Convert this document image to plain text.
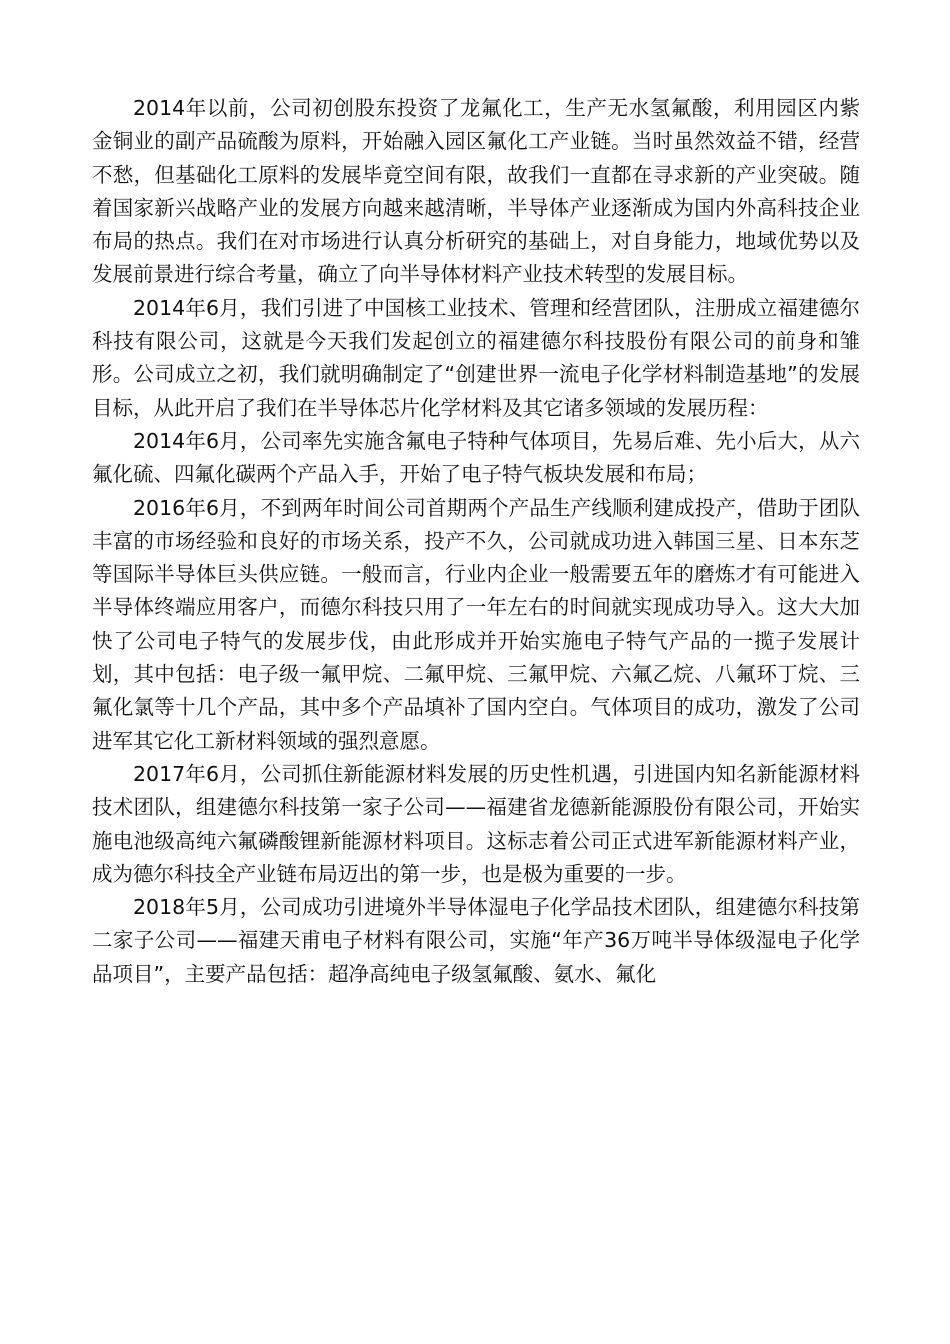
2014年以前，公司初创股东投资了龙氟化工，生产无水氢氟酸，利用园区内紫金铜业的副产品硫酸为原料，开始融入园区氟化工产业链。当时虽然效益不错，经营不愁，但基础化工原料的发展毕竟空间有限，故我们一直都在寻求新的产业突破。随着国家新兴战略产业的发展方向越来越清晰，半导体产业逐渐成为国内外高科技企业布局的热点。我们在对市场进行认真分析研究的基础上，对自身能力，地域优势以及发展前景进行综合考量，确立了向半导体材料产业技术转型的发展目标。

2014年6月，我们引进了中国核工业技术、管理和经营团队，注册成立福建德尔科技有限公司，这就是今天我们发起创立的福建德尔科技股份有限公司的前身和雏形。公司成立之初，我们就明确制定了“创建世界一流电子化学材料制造基地”的发展目标，从此开启了我们在半导体芯片化学材料及其它诸多领域的发展历程：

2014年6月，公司率先实施含氟电子特种气体项目，先易后难、先小后大，从六氟化硫、四氟化碳两个产品入手，开始了电子特气板块发展和布局；

2016年6月，不到两年时间公司首期两个产品生产线顺利建成投产，借助于团队丰富的市场经验和良好的市场关系，投产不久，公司就成功进入韩国三星、日本东芝等国际半导体巨头供应链。一般而言，行业内企业一般需要五年的磨炼才有可能进入半导体终端应用客户，而德尔科技只用了一年左右的时间就实现成功导入。这大大加快了公司电子特气的发展步伐，由此形成并开始实施电子特气产品的一揽子发展计划，其中包括：电子级一氟甲烷、二氟甲烷、三氟甲烷、六氟乙烷、八氟环丁烷、三氟化氯等十几个产品，其中多个产品填补了国内空白。气体项目的成功，激发了公司进军其它化工新材料领域的强烈意愿。

2017年6月，公司抓住新能源材料发展的历史性机遇，引进国内知名新能源材料技术团队，组建德尔科技第一家子公司——福建省龙德新能源股份有限公司，开始实施电池级高纯六氟磷酸锂新能源材料项目。这标志着公司正式进军新能源材料产业，成为德尔科技全产业链布局迈出的第一步，也是极为重要的一步。

2018年5月，公司成功引进境外半导体湿电子化学品技术团队，组建德尔科技第二家子公司——福建天甫电子材料有限公司，实施“年产36万吨半导体级湿电子化学品项目”，主要产品包括：超净高纯电子级氢氟酸、氨水、氟化
